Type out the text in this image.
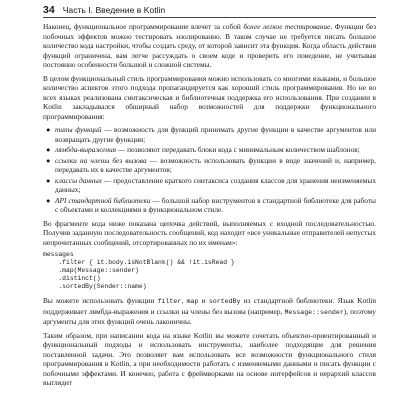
34 Часть I. Введение в Kotlin

Наконец, функциональное программирование влечет за собой более легкое тестирование. Функции без побочных эффектов можно тестировать изолированно. В таком случае не требуется писать большое количество кода настройки, чтобы создать среду, от которой зависит эта функция. Когда область действия функций ограничена, вам легче рассуждать о своем коде и проверить его поведение, не учитывая постоянно особенности большой и сложной системы.

В целом функциональный стиль программирования можно использовать со многими языками, и большое количество аспектов этого подхода пропагандируется как хороший стиль программирования. Но не во всех языках реализована синтаксическая и библиотечная поддержка его использования. При создании в Kotlin закладывался обширный набор возможностей для поддержки функционального программирования:

● типы функций — возможность для функций принимать другие функции в качестве аргументов или возвращать другие функции;
● лямбда-выражения — позволяют передавать блоки кода с минимальным количеством шаблонов;
● ссылки на члены без вызова — возможность использовать функции в виде значений и, например, передавать их в качестве аргументов;
● классы данных — предоставление краткого синтаксиса создания классов для хранения неизменяемых данных;
● API стандартной библиотеки — большой набор инструментов в стандартной библиотеке для работы с объектами и коллекциями в функциональном стиле.

Во фрагменте кода ниже показана цепочка действий, выполняемых с входной последовательностью. Получив заданную последовательность сообщений, код находит «все уникальные отправителей непустых непрочитанных сообщений, отсортированных по их именам»:

messages
.filter { it.body.isNotBlank() && !it.isRead }
.map(Message::sender)
.distinct()
.sortedBy(Sender::name)

Вы можете использовать функции filter, map и sortedBy из стандартной библиотеки. Язык Kotlin поддерживает лямбда-выражения и ссылки на члены без вызова (например, Message::sender), поэтому аргументы для этих функций очень лаконичны.

Таким образом, при написании кода на языке Kotlin вы можете сочетать объектно-ориентированный и функциональный подходы и использовать инструменты, наиболее подходящие для решения поставленной задачи. Это позволяет вам использовать все возможности функционального стиля программирования в Kotlin, а при необходимости работать с изменяемыми данными и писать функции с побочными эффектами. И конечно, работа с фреймворками на основе интерфейсов и иерархий классов выглядит
